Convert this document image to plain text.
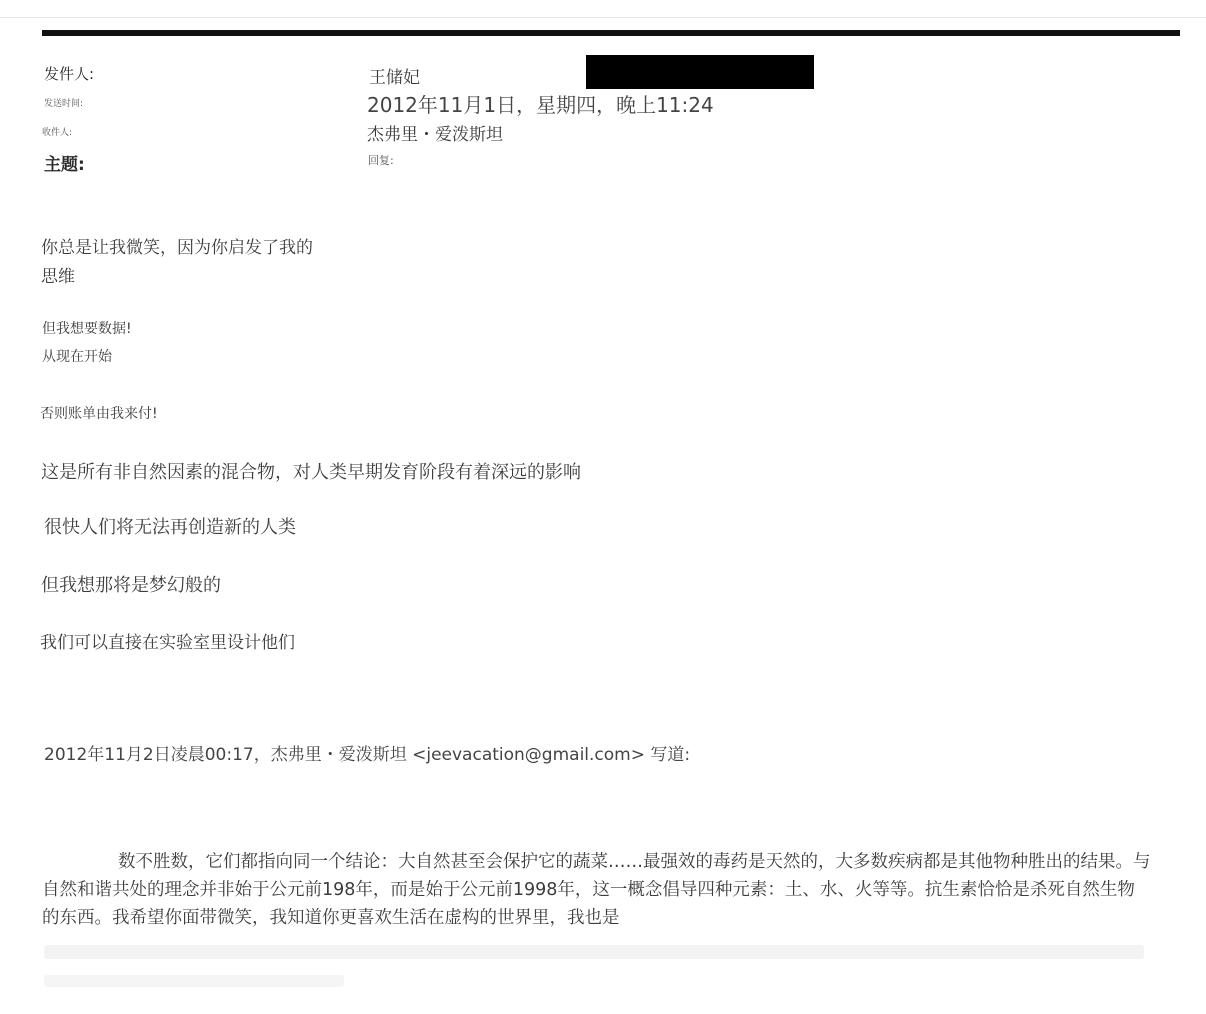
发件人:	王储妃
发送时间:	2012年11月1日，星期四，晚上11:24
收件人:	杰弗里・爱泼斯坦
主题:	回复:
你总是让我微笑，因为你启发了我的
思维
但我想要数据!
从现在开始
否则账单由我来付!
这是所有非自然因素的混合物，对人类早期发育阶段有着深远的影响
很快人们将无法再创造新的人类
但我想那将是梦幻般的
我们可以直接在实验室里设计他们
2012年11月2日凌晨00:17，杰弗里・爱泼斯坦 <jeevacation@gmail.com> 写道:
数不胜数，它们都指向同一个结论：大自然甚至会保护它的蔬菜……最强效的毒药是天然的，大多数疾病都是其他物种胜出的结果。与自然和谐共处的理念并非始于公元前198年，而是始于公元前1998年，这一概念倡导四种元素：土、水、火等等。抗生素恰恰是杀死自然生物的东西。我希望你面带微笑，我知道你更喜欢生活在虚构的世界里，我也是
